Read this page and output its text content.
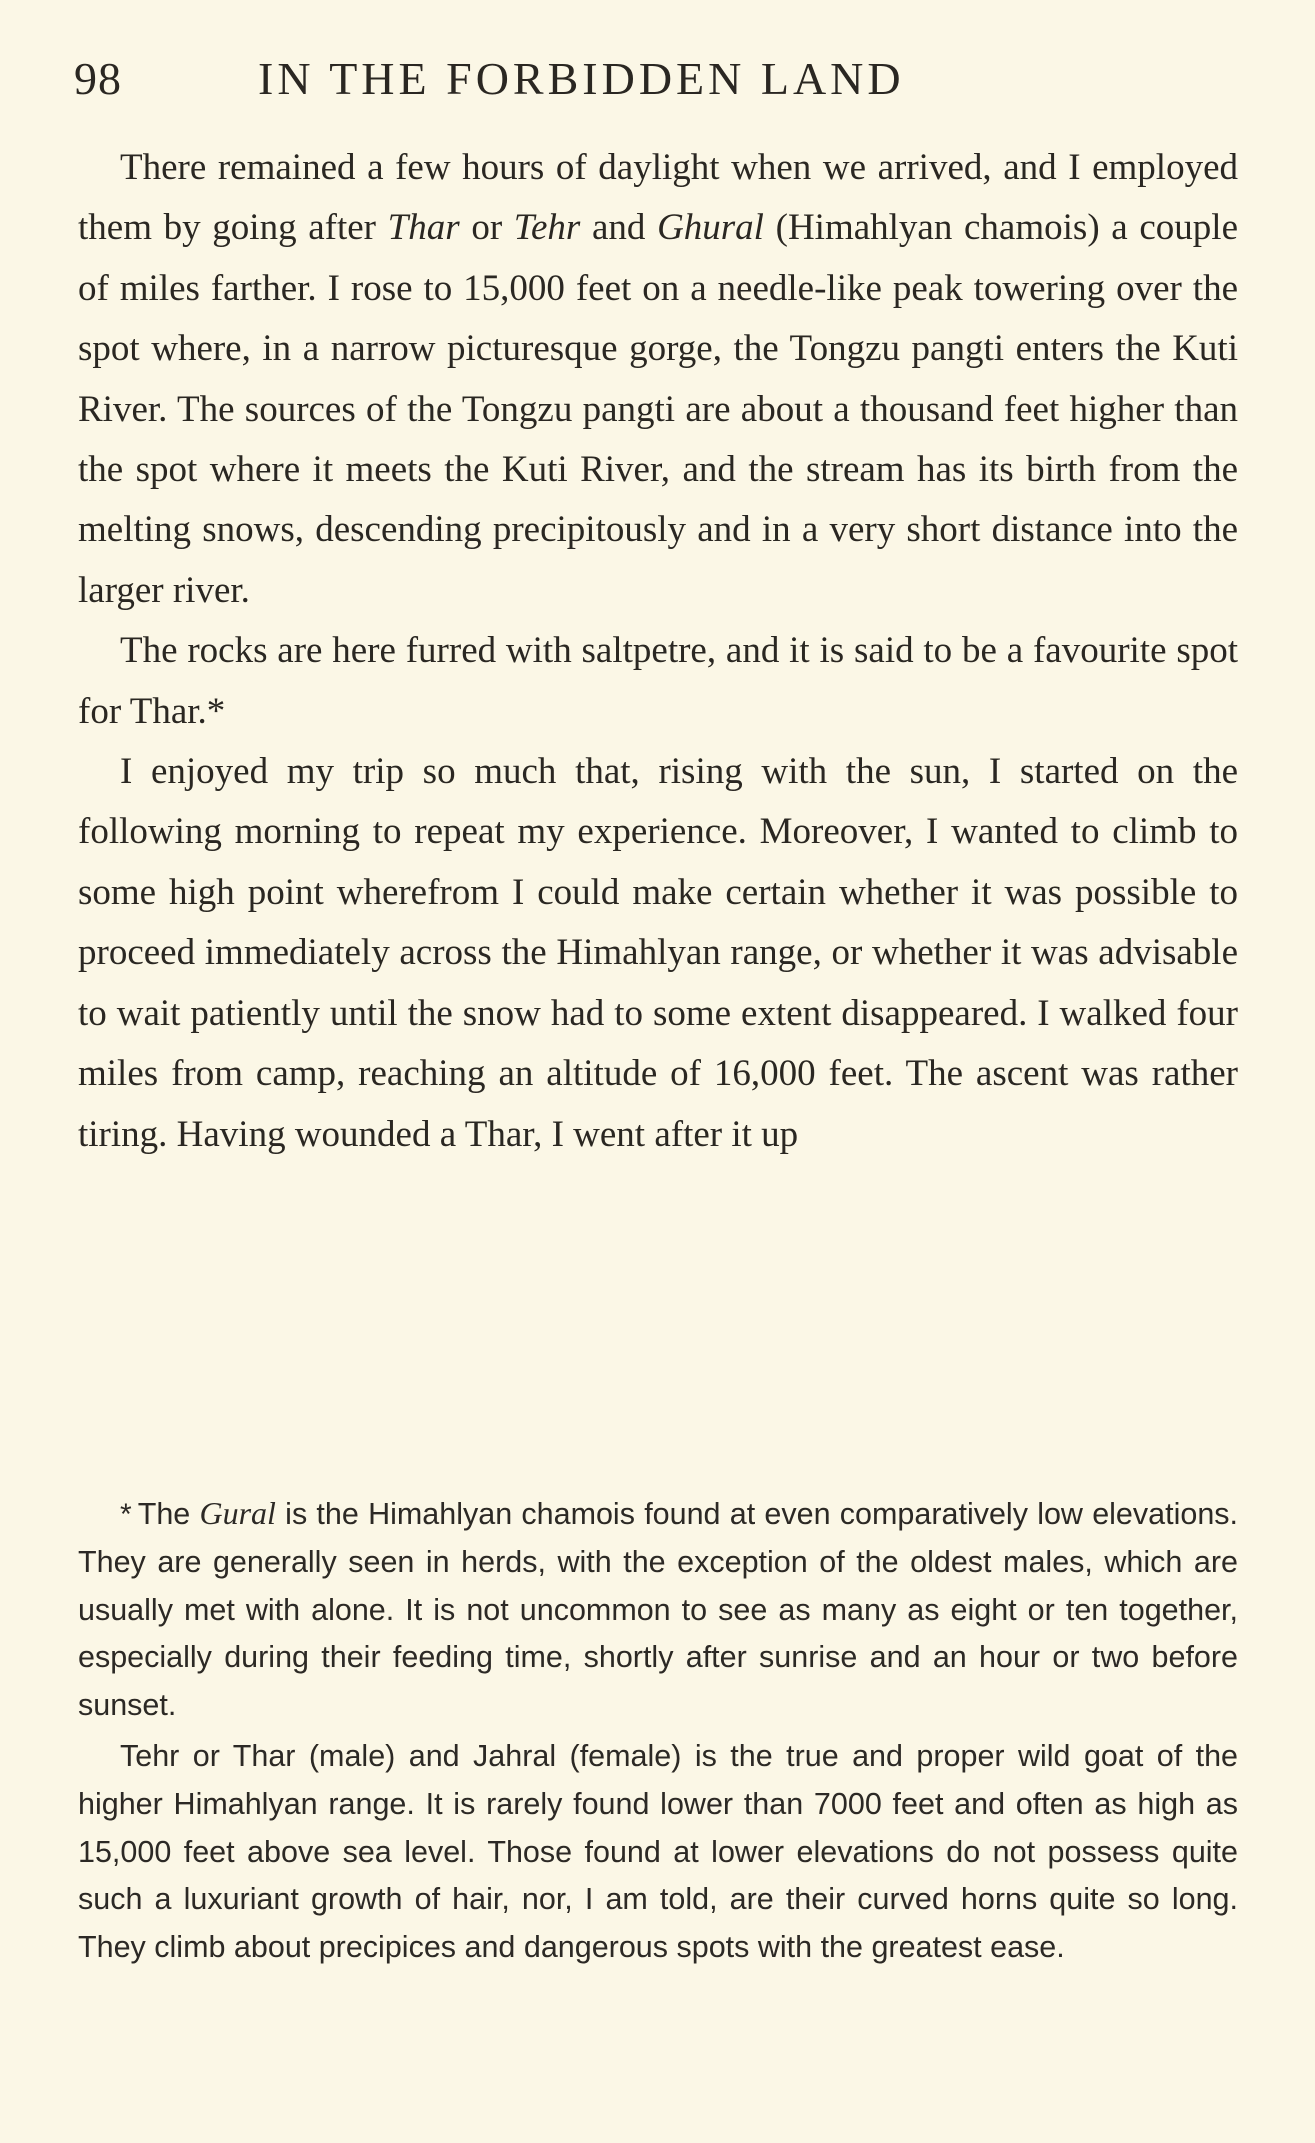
98	IN THE FORBIDDEN LAND

There remained a few hours of daylight when we arrived, and I employed them by going after Thar or Tehr and Ghural (Himahlyan chamois) a couple of miles farther. I rose to 15,000 feet on a needle-like peak towering over the spot where, in a narrow picturesque gorge, the Tongzu pangti enters the Kuti River. The sources of the Tongzu pangti are about a thousand feet higher than the spot where it meets the Kuti River, and the stream has its birth from the melting snows, descending precipitously and in a very short distance into the larger river.

The rocks are here furred with saltpetre, and it is said to be a favourite spot for Thar.*

I enjoyed my trip so much that, rising with the sun, I started on the following morning to repeat my experience. Moreover, I wanted to climb to some high point wherefrom I could make certain whether it was possible to proceed immediately across the Himahlyan range, or whether it was advisable to wait patiently until the snow had to some extent disappeared. I walked four miles from camp, reaching an altitude of 16,000 feet. The ascent was rather tiring. Having wounded a Thar, I went after it up

* The Gural is the Himahlyan chamois found at even comparatively low elevations. They are generally seen in herds, with the exception of the oldest males, which are usually met with alone. It is not uncommon to see as many as eight or ten together, especially during their feeding time, shortly after sunrise and an hour or two before sunset.

Tehr or Thar (male) and Jahral (female) is the true and proper wild goat of the higher Himahlyan range. It is rarely found lower than 7000 feet and often as high as 15,000 feet above sea level. Those found at lower elevations do not possess quite such a luxuriant growth of hair, nor, I am told, are their curved horns quite so long. They climb about precipices and dangerous spots with the greatest ease.
